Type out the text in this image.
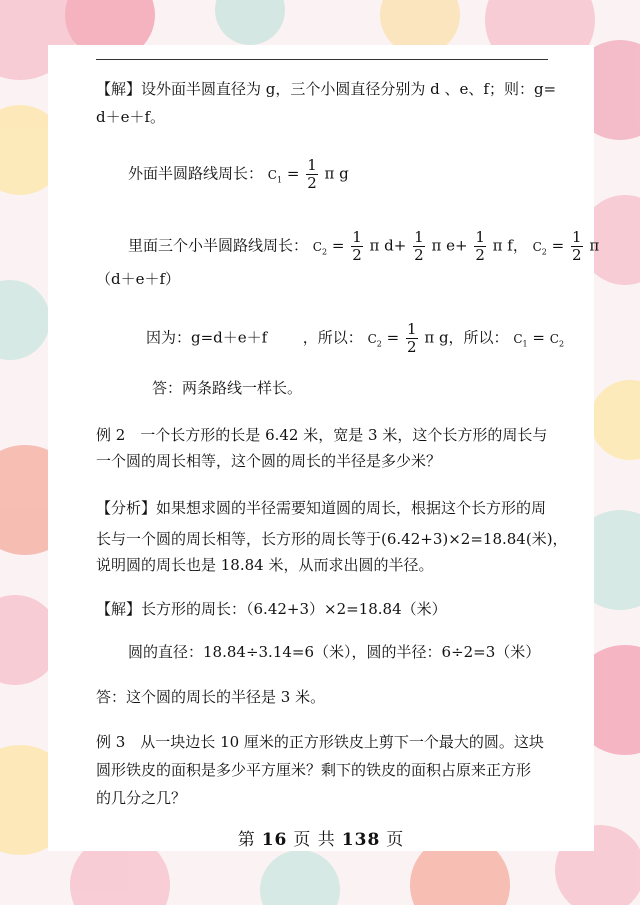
【解】设外面半圆直径为 g，三个小圆直径分别为 d 、e、f；则：g=
d＋e＋f。
外面半圆路线周长： $C_1 = \frac{1}{2}$ π g
里面三个小半圆路线周长： $C_2 = \frac{1}{2}$ π $d+ \frac{1}{2}$ π $e+ \frac{1}{2}$ π f， $C_2 = \frac{1}{2}$ π
（d＋e＋f）
因为：g=d＋e＋f ，所以： $C_2 = \frac{1}{2}$ π g，所以： $C_1 = C_2$
答：两条路线一样长。
例 2　一个长方形的长是 6.42 米，宽是 3 米，这个长方形的周长与
一个圆的周长相等，这个圆的周长的半径是多少米？
【分析】如果想求圆的半径需要知道圆的周长，根据这个长方形的周
长与一个圆的周长相等，长方形的周长等于(6.42+3)×2=18.84(米)，
说明圆的周长也是 18.84 米，从而求出圆的半径。
【解】长方形的周长：（6.42+3）×2=18.84（米）
圆的直径：18.84÷3.14=6（米），圆的半径：6÷2=3（米）
答：这个圆的周长的半径是 3 米。
例 3　从一块边长 10 厘米的正方形铁皮上剪下一个最大的圆。这块
圆形铁皮的面积是多少平方厘米？剩下的铁皮的面积占原来正方形
的几分之几？
第 16 页 共 138 页
